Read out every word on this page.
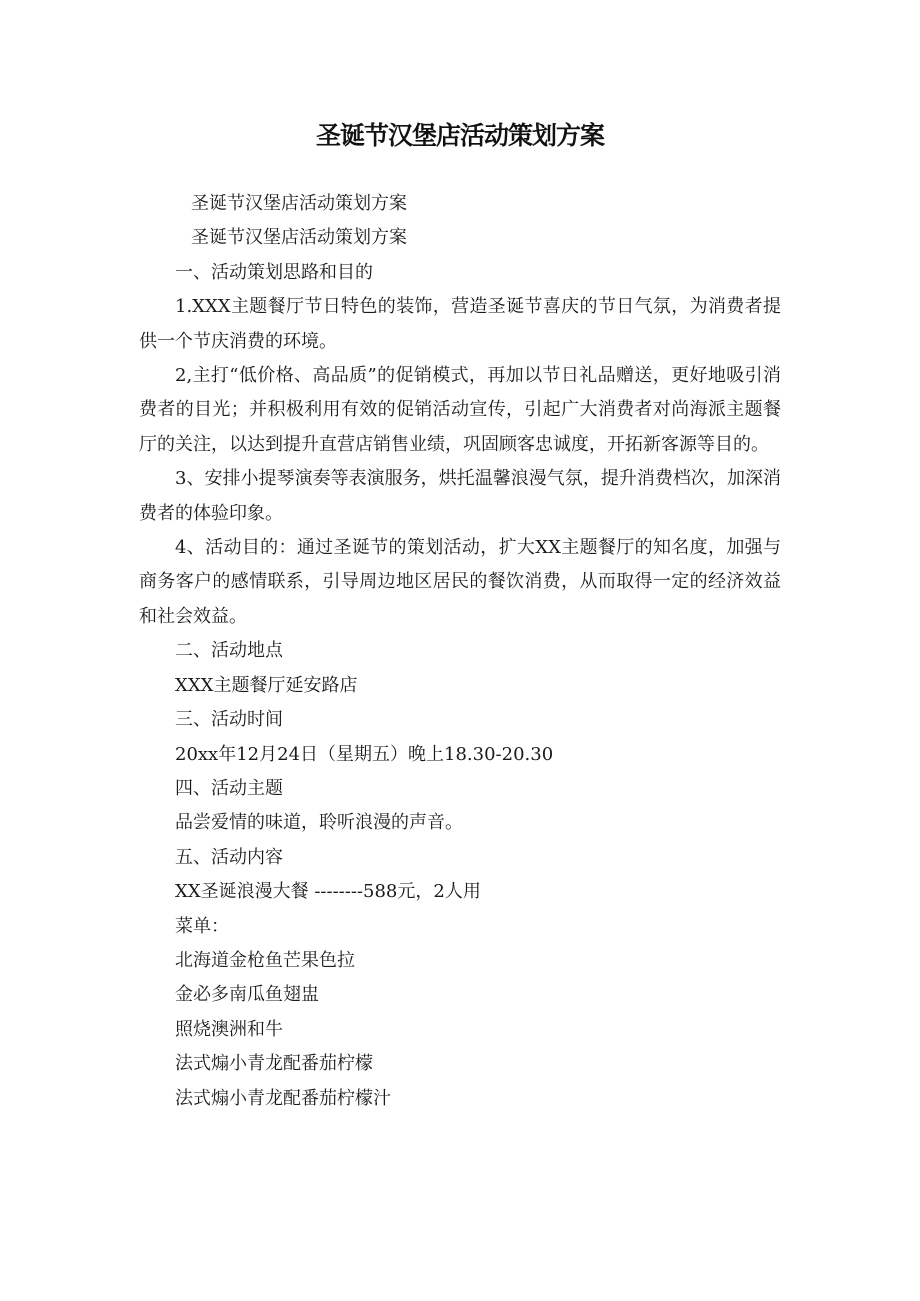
圣诞节汉堡店活动策划方案

圣诞节汉堡店活动策划方案

圣诞节汉堡店活动策划方案

一、活动策划思路和目的

1.XXX主题餐厅节日特色的装饰，营造圣诞节喜庆的节日气氛，为消费者提供一个节庆消费的环境。

2,主打“低价格、高品质”的促销模式，再加以节日礼品赠送，更好地吸引消费者的目光；并积极利用有效的促销活动宣传，引起广大消费者对尚海派主题餐厅的关注，以达到提升直营店销售业绩，巩固顾客忠诚度，开拓新客源等目的。

3、安排小提琴演奏等表演服务，烘托温馨浪漫气氛，提升消费档次，加深消费者的体验印象。

4、活动目的：通过圣诞节的策划活动，扩大XX主题餐厅的知名度，加强与商务客户的感情联系，引导周边地区居民的餐饮消费，从而取得一定的经济效益和社会效益。

二、活动地点

XXX主题餐厅延安路店

三、活动时间

20xx年12月24日（星期五）晚上18.30-20.30

四、活动主题

品尝爱情的味道，聆听浪漫的声音。

五、活动内容

XX圣诞浪漫大餐 --------588元，2人用

菜单：

北海道金枪鱼芒果色拉

金必多南瓜鱼翅盅

照烧澳洲和牛

法式煽小青龙配番茄柠檬

法式煽小青龙配番茄柠檬汁
